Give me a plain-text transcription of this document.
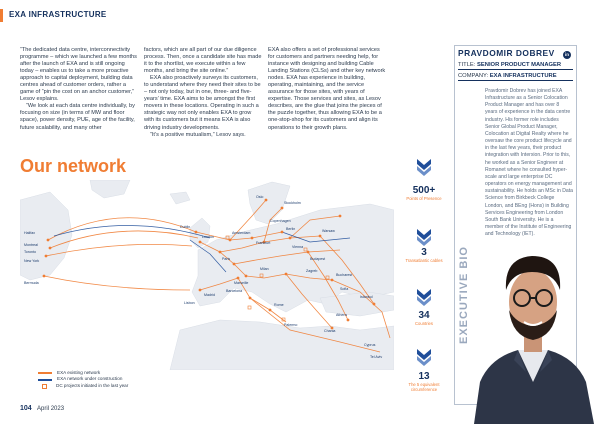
EXA INFRASTRUCTURE

“The dedicated data centre, interconnectivity programme – which we launched a few months after the launch of EXA and is still ongoing today – enables us to take a more proactive approach to capital deployment, building data centres ahead of customer orders, rather a game of “pin the cost on an anchor customer,” Lesov explains.

“We look at each data centre individually, by focusing on size (in terms of MW and floor space), power density, PUE, age of the facility, future scalability, and many other

factors, which are all part of our due diligence process. Then, once a candidate site has made it to the shortlist, we execute within a few months, and bring the site online.”

EXA also proactively surveys its customers, to understand where they need their sites to be – not only today, but in one, three- and five-years’ time. EXA aims to be amongst the first movers in these locations. Operating in such a strategic way not only enables EXA to grow with its customers but it means EXA is also driving industry developments.

“It’s a positive mutualism,” Lesov says.

EXA also offers a set of professional services for customers and partners needing help, for instance with designing and building Cable Landing Stations (CLSs) and other key network nodes. EXA has experience in building, operating, maintaining, and the service assurance for those sites, with years of expertise. Those services and sites, as Lesov describes, are the glue that joins the pieces of the puzzle together, thus allowing EXA to be a one-stop-shop for its customers and align its operations to their growth plans.

Our network
Halifax
Montreal
Toronto
New York
Bermuda
Dublin
London
Amsterdam
Frankfurt
Paris
Madrid
Lisbon
Marseille
Milan
Rome
Vienna
Budapest
Bucharest
Warsaw
Istanbul
Athens
Sofia
Copenhagen
Berlin
Stockholm
Oslo
Barcelona
Palermo
Chania
Cyprus
Tel Aviv
Zagreb
EXA existing network
EXA network under construction
DC projects initiated in the last year
104 April 2023
500+
Points of Presence
3
Transatlantic cables
34
Countries
13
The 5 equivalent circumference
PRAVDOMIR DOBREV	in
TITLE: SENIOR PRODUCT MANAGER
COMPANY: EXA INFRASTRUCTURE
Pravdomir Dobrev has joined EXA Infrastructure as a Senior Colocation Product Manager and has over 8 years of experience in the data centre industry. His former role includes Senior Global Product Manager, Colocation at Digital Realty where he oversaw the core product lifecycle and in the last few years, their product integration with Interxion. Prior to this, he worked as a Senior Engineer at Romanet where he consulted hyper-scale and large enterprise DC operators on energy management and sustainability. He holds an MSc in Data Science from Birkbeck College London, and BEng (Hons) in Building Services Engineering from London South Bank University. He is a member of the Institute of Engineering and Technology (IET).
EXECUTIVE BIO
